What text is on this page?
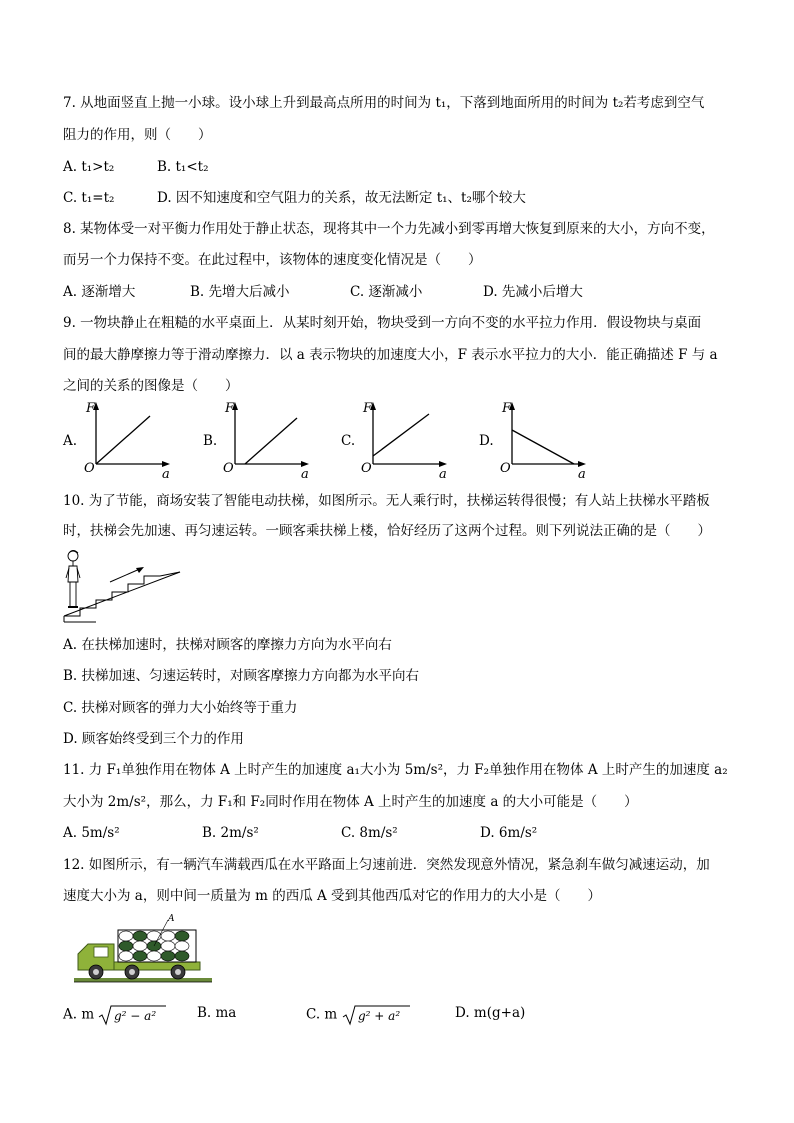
7. 从地面竖直上抛一小球。设小球上升到最高点所用的时间为 t₁，下落到地面所用的时间为 t₂若考虑到空气
阻力的作用，则（　　）
A. t₁>t₂	B. t₁<t₂
C. t₁=t₂	D. 因不知速度和空气阻力的关系，故无法断定 t₁、t₂哪个较大
8. 某物体受一对平衡力作用处于静止状态，现将其中一个力先减小到零再增大恢复到原来的大小，方向不变，
而另一个力保持不变。在此过程中，该物体的速度变化情况是（　　）
A. 逐渐增大	B. 先增大后减小	C. 逐渐减小	D. 先减小后增大
9. 一物块静止在粗糙的水平桌面上．从某时刻开始，物块受到一方向不变的水平拉力作用．假设物块与桌面
间的最大静摩擦力等于滑动摩擦力．以 a 表示物块的加速度大小，F 表示水平拉力的大小．能正确描述 F 与 a
之间的关系的图像是（　　）
A.
F
O	a
B.
F
O	a
C.
F
O	a
D.
F
O	a
10. 为了节能，商场安装了智能电动扶梯，如图所示。无人乘行时，扶梯运转得很慢；有人站上扶梯水平踏板
时，扶梯会先加速、再匀速运转。一顾客乘扶梯上楼，恰好经历了这两个过程。则下列说法正确的是（　　）
A. 在扶梯加速时，扶梯对顾客的摩擦力方向为水平向右
B. 扶梯加速、匀速运转时，对顾客摩擦力方向都为水平向右
C. 扶梯对顾客的弹力大小始终等于重力
D. 顾客始终受到三个力的作用
11. 力 F₁单独作用在物体 A 上时产生的加速度 a₁大小为 5m/s²，力 F₂单独作用在物体 A 上时产生的加速度 a₂
大小为 2m/s²，那么，力 F₁和 F₂同时作用在物体 A 上时产生的加速度 a 的大小可能是（　　）
A. 5m/s²	B. 2m/s²	C. 8m/s²	D. 6m/s²
12. 如图所示，有一辆汽车满载西瓜在水平路面上匀速前进．突然发现意外情况，紧急刹车做匀减速运动，加
速度大小为 a，则中间一质量为 m 的西瓜 A 受到其他西瓜对它的作用力的大小是（　　）
A
A. m g² − a²	B. ma	C. m g² + a²	D. m(g+a)
